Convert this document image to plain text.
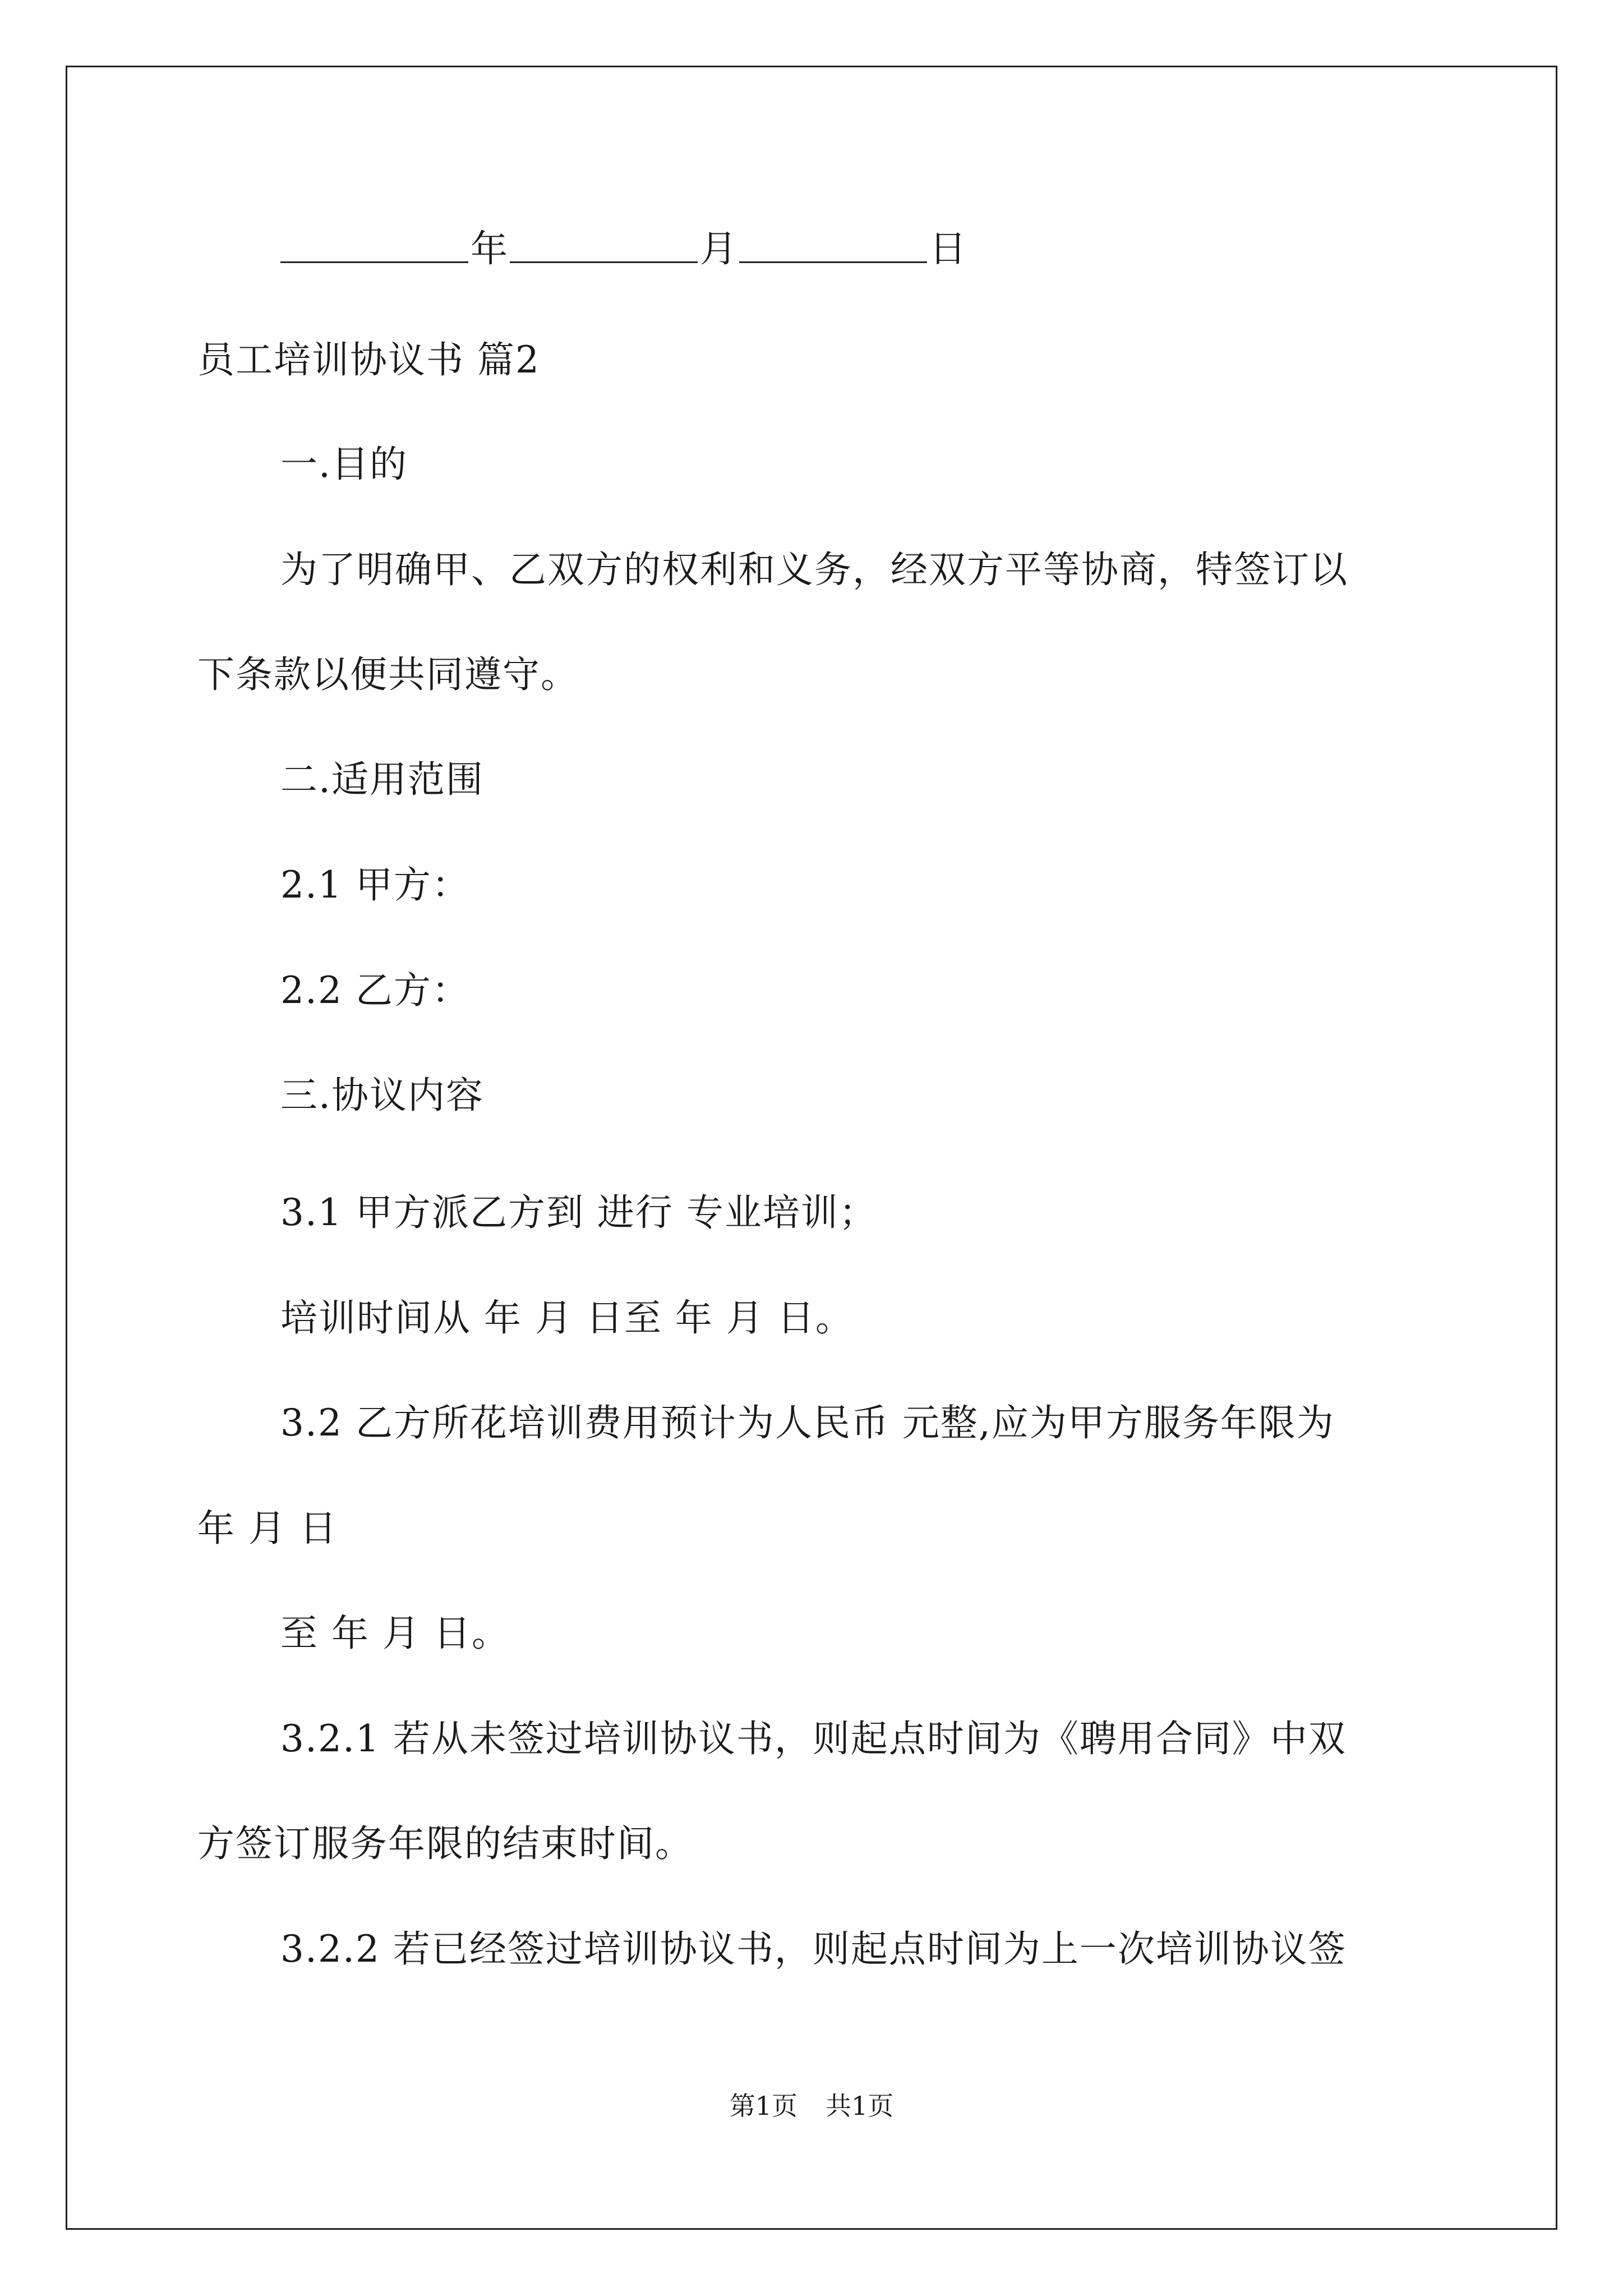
年	月	日
员工培训协议书 篇2
一.目的
为了明确甲、乙双方的权利和义务，经双方平等协商，特签订以
下条款以便共同遵守。
二.适用范围
2.1 甲方：
2.2 乙方：
三.协议内容
3.1 甲方派乙方到 进行 专业培训；
培训时间从 年 月 日至 年 月 日。
3.2 乙方所花培训费用预计为人民币 元整,应为甲方服务年限为
年 月 日
至 年 月 日。
3.2.1 若从未签过培训协议书，则起点时间为《聘用合同》中双
方签订服务年限的结束时间。
3.2.2 若已经签过培训协议书，则起点时间为上一次培训协议签
第1页 共1页
